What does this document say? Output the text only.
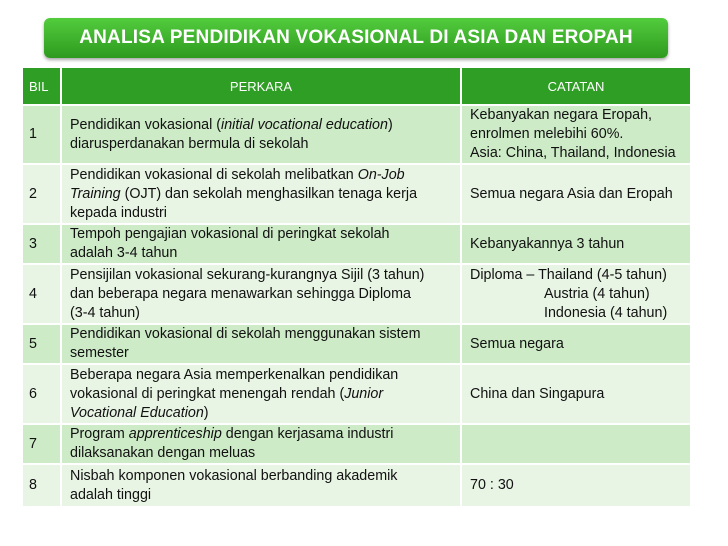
ANALISA PENDIDIKAN VOKASIONAL DI ASIA DAN EROPAH
BIL	PERKARA	CATATAN
1	Pendidikan vokasional (initial vocational education)
diarusperdanakan bermula di sekolah	Kebanyakan negara Eropah,
enrolmen melebihi 60%.
Asia: China, Thailand, Indonesia
2	Pendidikan vokasional di sekolah melibatkan On-Job
Training (OJT) dan sekolah menghasilkan tenaga kerja
kepada industri	Semua negara Asia dan Eropah
3	Tempoh pengajian vokasional di peringkat sekolah
adalah 3-4 tahun	Kebanyakannya 3 tahun
4	Pensijilan vokasional sekurang-kurangnya Sijil (3 tahun)
dan beberapa negara menawarkan sehingga Diploma
(3-4 tahun)	Diploma – Thailand (4-5 tahun)
Austria (4 tahun)
Indonesia (4 tahun)
5	Pendidikan vokasional di sekolah menggunakan sistem
semester	Semua negara
6	Beberapa negara Asia memperkenalkan pendidikan
vokasional di peringkat menengah rendah (Junior
Vocational Education)	China dan Singapura
7	Program apprenticeship dengan kerjasama industri
dilaksanakan dengan meluas	
8	Nisbah komponen vokasional berbanding akademik
adalah tinggi	70 : 30
